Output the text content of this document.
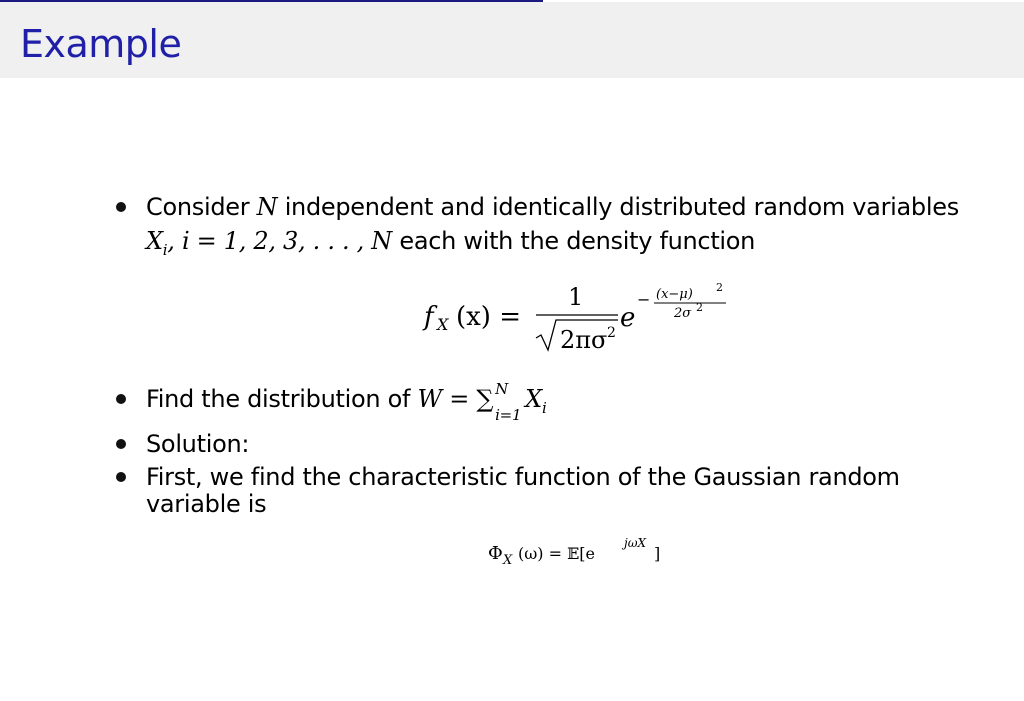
Example
Consider N independent and identically distributed random variables
$X_i$, i = 1, 2, 3, . . . , N each with the density function
f X (x) =
1
2πσ 2 e
− (x−μ) 2
2σ 2
Find the distribution of W = ∑ N
i=1
$X_i$
Solution:
First, we find the characteristic function of the Gaussian random
variable is
Φ X (ω) = 𝔼[e
jωX
]
